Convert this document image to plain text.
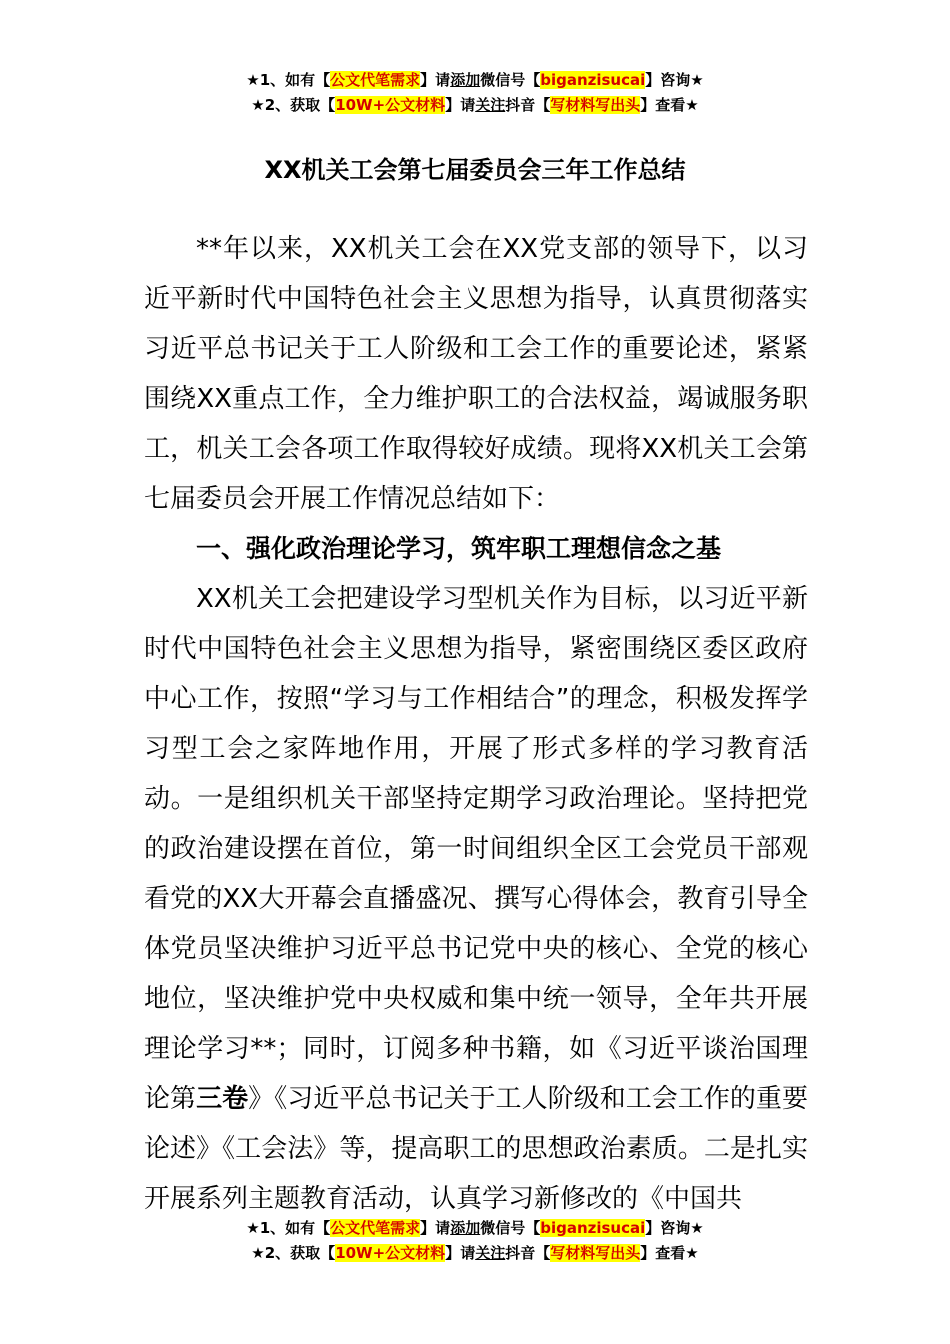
★1、如有【公文代笔需求】请添加微信号【biganzisucai】咨询★
★2、获取【10W+公文材料】请关注抖音【写材料写出头】查看★
XX机关工会第七届委员会三年工作总结

**年以来，XX机关工会在XX党支部的领导下，以习近平新时代中国特色社会主义思想为指导，认真贯彻落实习近平总书记关于工人阶级和工会工作的重要论述，紧紧围绕XX重点工作，全力维护职工的合法权益，竭诚服务职工，机关工会各项工作取得较好成绩。现将XX机关工会第七届委员会开展工作情况总结如下：

一、强化政治理论学习，筑牢职工理想信念之基

XX机关工会把建设学习型机关作为目标，以习近平新时代中国特色社会主义思想为指导，紧密围绕区委区政府中心工作，按照“学习与工作相结合”的理念，积极发挥学习型工会之家阵地作用，开展了形式多样的学习教育活动。一是组织机关干部坚持定期学习政治理论。坚持把党的政治建设摆在首位，第一时间组织全区工会党员干部观看党的XX大开幕会直播盛况、撰写心得体会，教育引导全体党员坚决维护习近平总书记党中央的核心、全党的核心地位，坚决维护党中央权威和集中统一领导，全年共开展理论学习**；同时，订阅多种书籍，如《习近平谈治国理论第三卷》《习近平总书记关于工人阶级和工会工作的重要论述》《工会法》等，提高职工的思想政治素质。二是扎实开展系列主题教育活动，认真学习新修改的《中国共

★1、如有【公文代笔需求】请添加微信号【biganzisucai】咨询★
★2、获取【10W+公文材料】请关注抖音【写材料写出头】查看★
